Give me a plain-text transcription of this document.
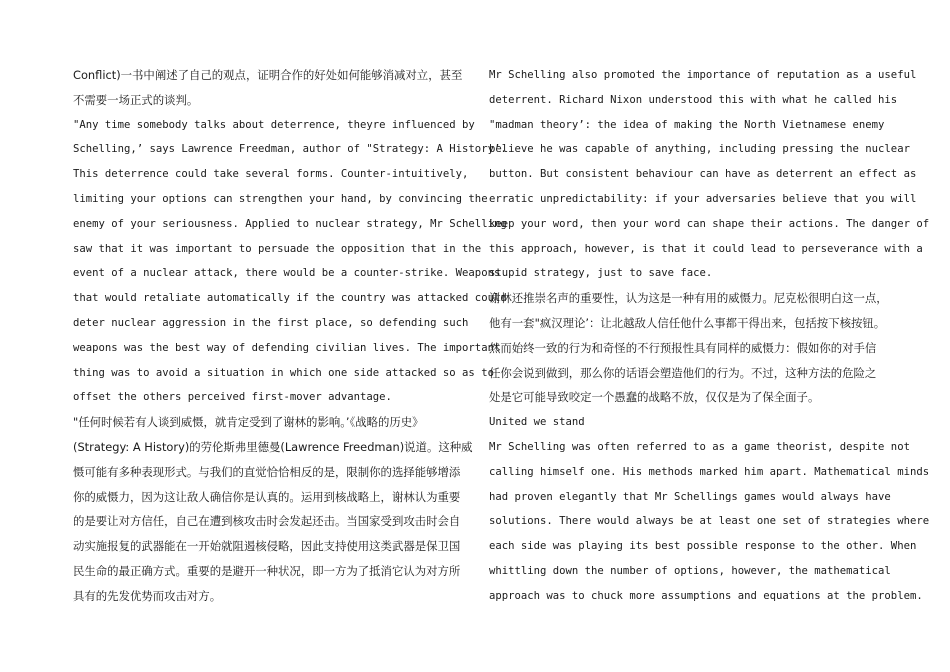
Conflict)一书中阐述了自己的观点，证明合作的好处如何能够消减对立，甚至
不需要一场正式的谈判。
"Any time somebody talks about deterrence, theyre influenced by
Schelling,’ says Lawrence Freedman, author of "Strategy: A History’.
This deterrence could take several forms. Counter-intuitively,
limiting your options can strengthen your hand, by convincing the
enemy of your seriousness. Applied to nuclear strategy, Mr Schelling
saw that it was important to persuade the opposition that in the
event of a nuclear attack, there would be a counter-strike. Weapons
that would retaliate automatically if the country was attacked could
deter nuclear aggression in the first place, so defending such
weapons was the best way of defending civilian lives. The important
thing was to avoid a situation in which one side attacked so as to
offset the others perceived first-mover advantage.
"任何时候若有人谈到威慑，就肯定受到了谢林的影响。’《战略的历史》
(Strategy: A History)的劳伦斯弗里德曼(Lawrence Freedman)说道。这种威
慑可能有多种表现形式。与我们的直觉恰恰相反的是，限制你的选择能够增添
你的威慑力，因为这让敌人确信你是认真的。运用到核战略上，谢林认为重要
的是要让对方信任，自己在遭到核攻击时会发起还击。当国家受到攻击时会自
动实施报复的武器能在一开始就阻遏核侵略，因此支持使用这类武器是保卫国
民生命的最正确方式。重要的是避开一种状况，即一方为了抵消它认为对方所
具有的先发优势而攻击对方。
Mr Schelling also promoted the importance of reputation as a useful
deterrent. Richard Nixon understood this with what he called his
"madman theory’: the idea of making the North Vietnamese enemy
believe he was capable of anything, including pressing the nuclear
button. But consistent behaviour can have as deterrent an effect as
erratic unpredictability: if your adversaries believe that you will
keep your word, then your word can shape their actions. The danger of
this approach, however, is that it could lead to perseverance with a
stupid strategy, just to save face.
谢林还推崇名声的重要性，认为这是一种有用的威慑力。尼克松很明白这一点，
他有一套"疯汉理论’：让北越敌人信任他什么事都干得出来，包括按下核按钮。
然而始终一致的行为和奇怪的不行预报性具有同样的威慑力：假如你的对手信
任你会说到做到，那么你的话语会塑造他们的行为。不过，这种方法的危险之
处是它可能导致咬定一个愚蠢的战略不放，仅仅是为了保全面子。
United we stand
Mr Schelling was often referred to as a game theorist, despite not
calling himself one. His methods marked him apart. Mathematical minds
had proven elegantly that Mr Schellings games would always have
solutions. There would always be at least one set of strategies where
each side was playing its best possible response to the other. When
whittling down the number of options, however, the mathematical
approach was to chuck more assumptions and equations at the problem.
